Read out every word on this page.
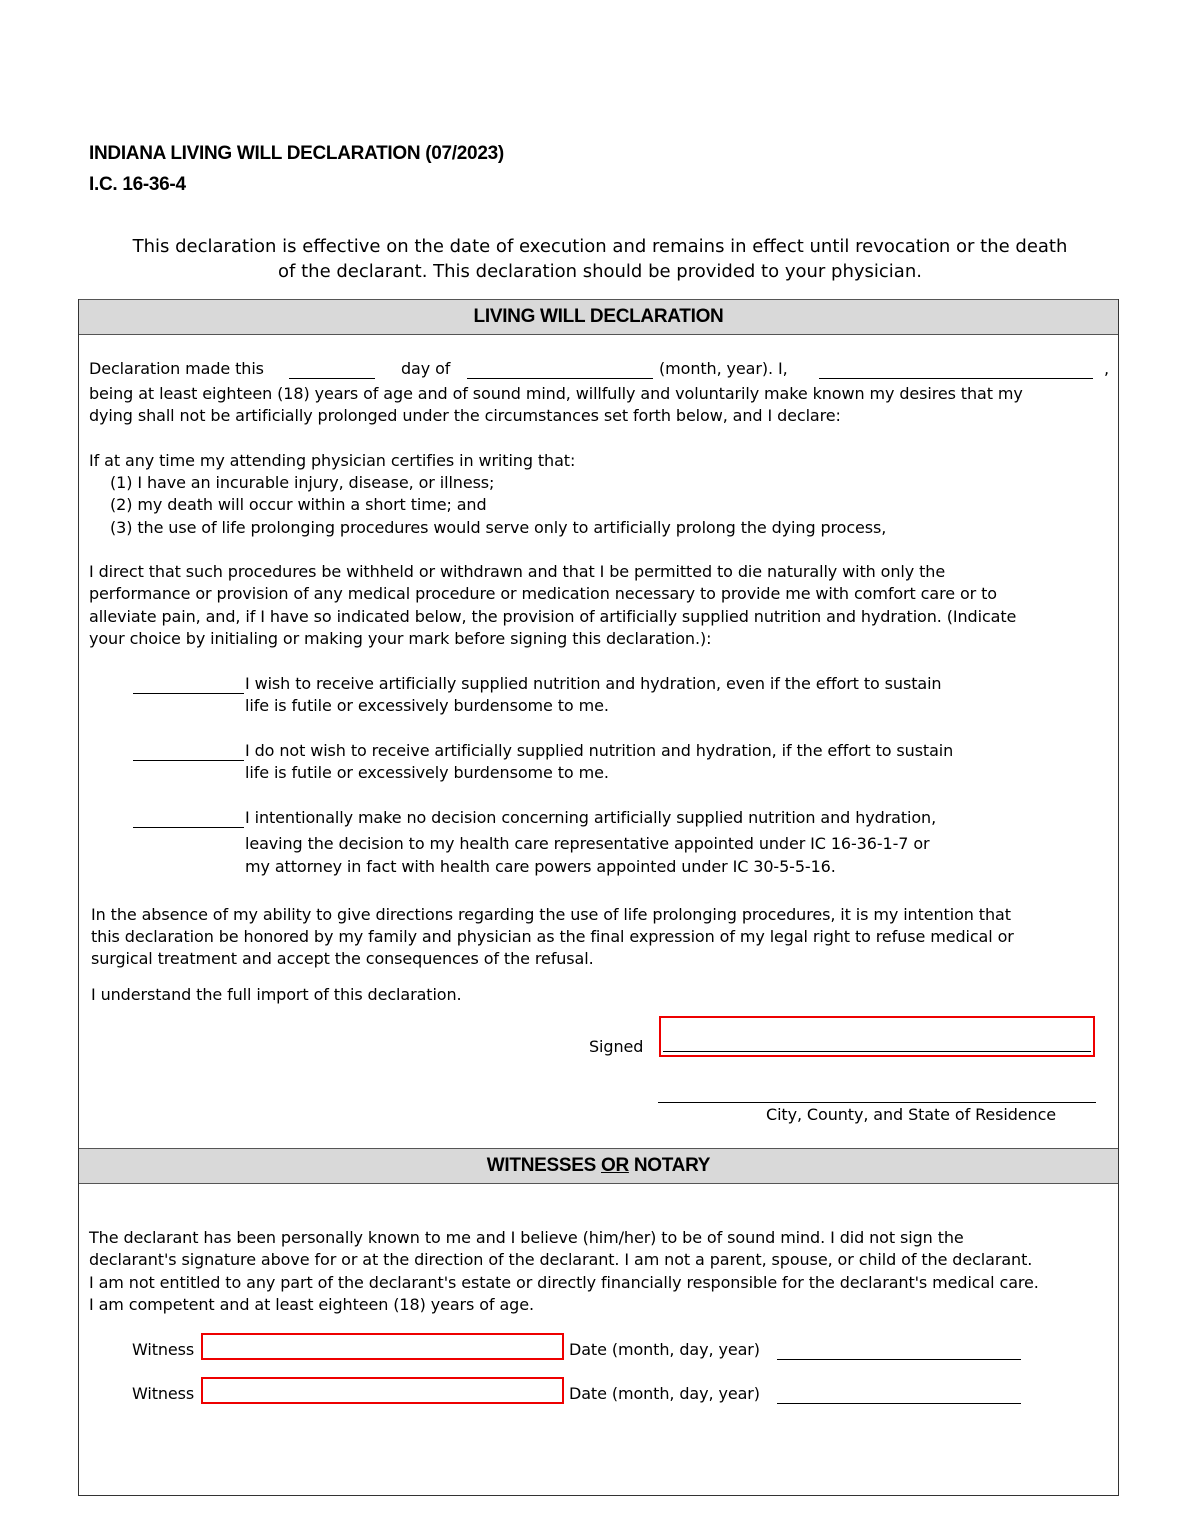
INDIANA LIVING WILL DECLARATION (07/2023)
I.C. 16-36-4
This declaration is effective on the date of execution and remains in effect until revocation or the death
of the declarant. This declaration should be provided to your physician.
LIVING WILL DECLARATION
Declaration made this	day of	(month, year). I,	,
being at least eighteen (18) years of age and of sound mind, willfully and voluntarily make known my desires that my
dying shall not be artificially prolonged under the circumstances set forth below, and I declare:
If at any time my attending physician certifies in writing that:
(1) I have an incurable injury, disease, or illness;
(2) my death will occur within a short time; and
(3) the use of life prolonging procedures would serve only to artificially prolong the dying process,
I direct that such procedures be withheld or withdrawn and that I be permitted to die naturally with only the
performance or provision of any medical procedure or medication necessary to provide me with comfort care or to
alleviate pain, and, if I have so indicated below, the provision of artificially supplied nutrition and hydration. (Indicate
your choice by initialing or making your mark before signing this declaration.):
I wish to receive artificially supplied nutrition and hydration, even if the effort to sustain
life is futile or excessively burdensome to me.
I do not wish to receive artificially supplied nutrition and hydration, if the effort to sustain
life is futile or excessively burdensome to me.
I intentionally make no decision concerning artificially supplied nutrition and hydration,
leaving the decision to my health care representative appointed under IC 16-36-1-7 or
my attorney in fact with health care powers appointed under IC 30-5-5-16.
In the absence of my ability to give directions regarding the use of life prolonging procedures, it is my intention that
this declaration be honored by my family and physician as the final expression of my legal right to refuse medical or
surgical treatment and accept the consequences of the refusal.
I understand the full import of this declaration.
Signed
City, County, and State of Residence
WITNESSES OR NOTARY
The declarant has been personally known to me and I believe (him/her) to be of sound mind. I did not sign the
declarant's signature above for or at the direction of the declarant. I am not a parent, spouse, or child of the declarant.
I am not entitled to any part of the declarant's estate or directly financially responsible for the declarant's medical care.
I am competent and at least eighteen (18) years of age.
Witness	Date (month, day, year)
Witness	Date (month, day, year)
